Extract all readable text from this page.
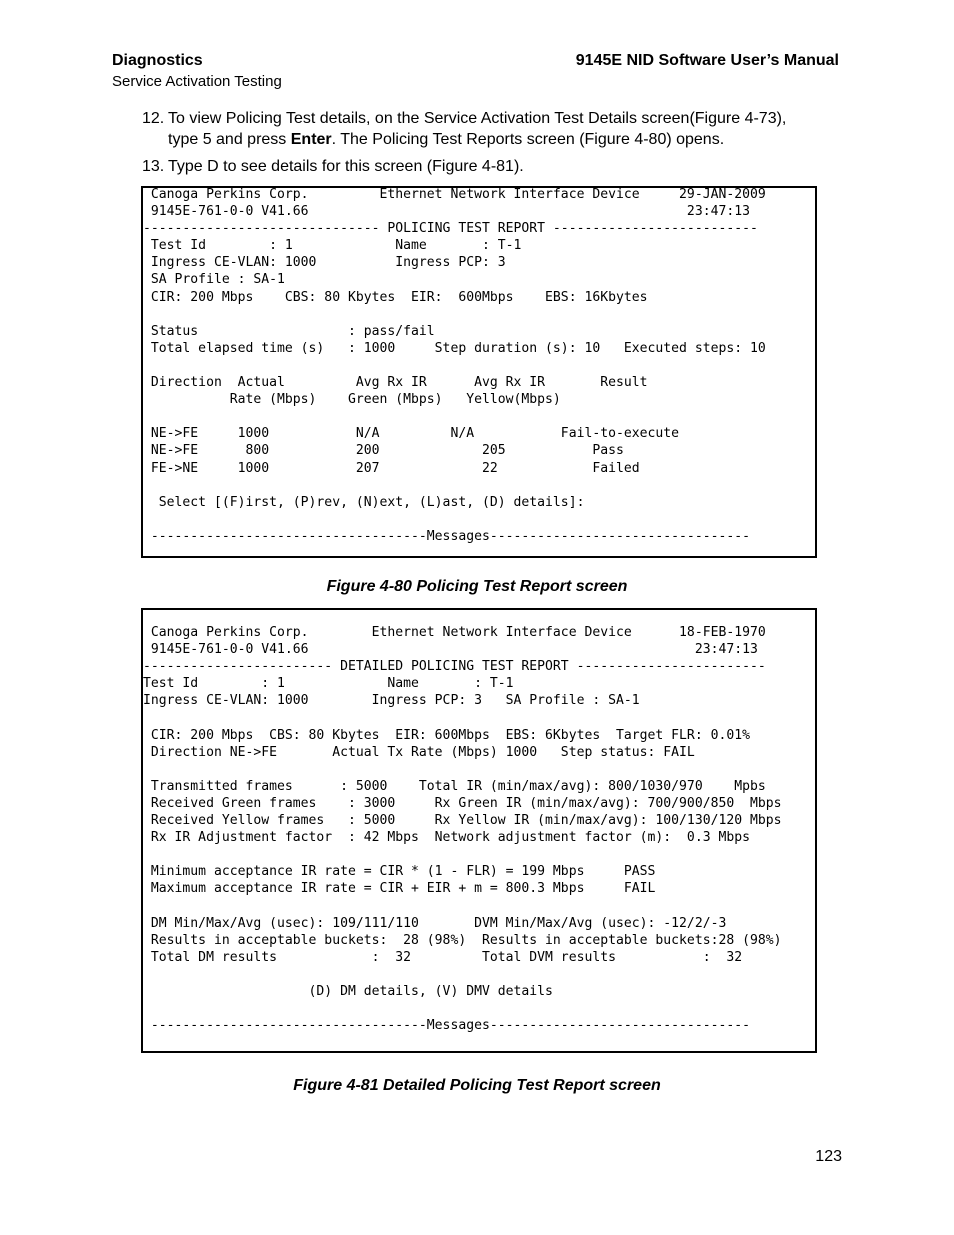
Diagnostics
Service Activation Testing
9145E NID Software User’s Manual
12. To view Policing Test details, on the Service Activation Test Details screen(Figure 4-73),
type 5 and press Enter. The Policing Test Reports screen (Figure 4-80) opens.
13. Type D to see details for this screen (Figure 4-81).
Canoga Perkins Corp.         Ethernet Network Interface Device     29-JAN-2009
9145E-761-0-0 V41.66                                                23:47:13
------------------------------ POLICING TEST REPORT --------------------------
Test Id        : 1             Name       : T-1
Ingress CE-VLAN: 1000          Ingress PCP: 3
SA Profile : SA-1
CIR: 200 Mbps    CBS: 80 Kbytes  EIR:  600Mbps    EBS: 16Kbytes

Status                   : pass/fail
Total elapsed time (s)   : 1000     Step duration (s): 10   Executed steps: 10

Direction  Actual         Avg Rx IR      Avg Rx IR       Result
Rate (Mbps)    Green (Mbps)   Yellow(Mbps)

NE->FE     1000           N/A         N/A           Fail-to-execute
NE->FE      800           200             205           Pass
FE->NE     1000           207             22            Failed

Select [(F)irst, (P)rev, (N)ext, (L)ast, (D) details]:

-----------------------------------Messages---------------------------------

Figure 4-80 Policing Test Report screen
Canoga Perkins Corp.        Ethernet Network Interface Device      18-FEB-1970
9145E-761-0-0 V41.66                                                 23:47:13
------------------------ DETAILED POLICING TEST REPORT ------------------------
Test Id        : 1             Name       : T-1
Ingress CE-VLAN: 1000        Ingress PCP: 3   SA Profile : SA-1

CIR: 200 Mbps  CBS: 80 Kbytes  EIR: 600Mbps  EBS: 6Kbytes  Target FLR: 0.01%
Direction NE->FE       Actual Tx Rate (Mbps) 1000   Step status: FAIL

Transmitted frames      : 5000    Total IR (min/max/avg): 800/1030/970    Mpbs
Received Green frames    : 3000     Rx Green IR (min/max/avg): 700/900/850  Mbps
Received Yellow frames   : 5000     Rx Yellow IR (min/max/avg): 100/130/120 Mbps
Rx IR Adjustment factor  : 42 Mbps  Network adjustment factor (m):  0.3 Mbps

Minimum acceptance IR rate = CIR * (1 - FLR) = 199 Mbps     PASS
Maximum acceptance IR rate = CIR + EIR + m = 800.3 Mbps     FAIL

DM Min/Max/Avg (usec): 109/111/110       DVM Min/Max/Avg (usec): -12/2/-3
Results in acceptable buckets:  28 (98%)  Results in acceptable buckets:28 (98%)
Total DM results            :  32         Total DVM results           :  32

(D) DM details, (V) DMV details

-----------------------------------Messages---------------------------------

Figure 4-81 Detailed Policing Test Report screen
123
